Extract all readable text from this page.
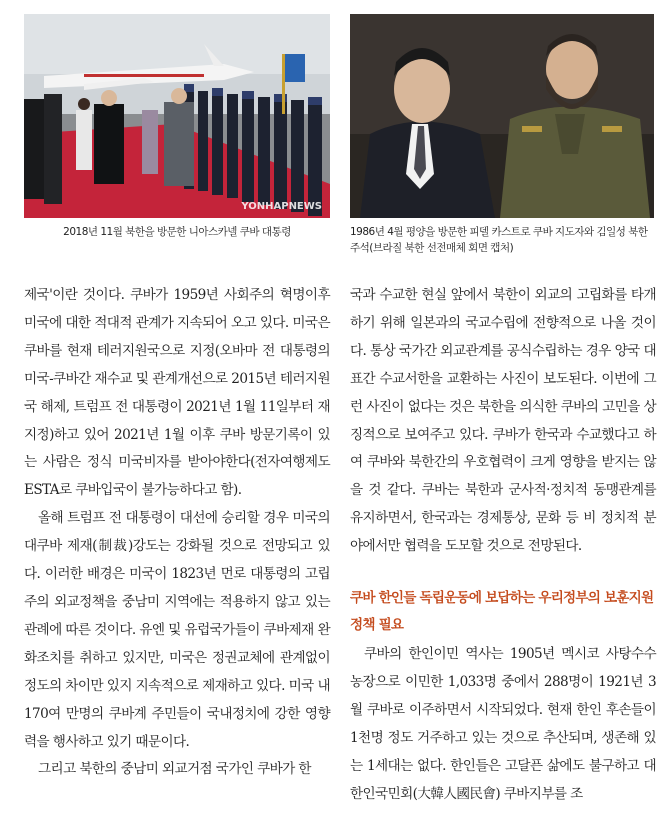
YONHAPNEWS
2018년 11월 북한을 방문한 니아스카넬 쿠바 대통령	1986년 4월 평양을 방문한 피델 카스트로 쿠바 지도자와 김일성 북한 주석(브라질 북한 선전매체 회면 캡처)

제국'이란 것이다. 쿠바가 1959년 사회주의 혁명이후 미국에 대한 적대적 관계가 지속되어 오고 있다. 미국은 쿠바를 현재 테러지원국으로 지정(오바마 전 대통령의 미국-쿠바간 재수교 및 관계개선으로 2015년 테러지원국 해제, 트럼프 전 대통령이 2021년 1월 11일부터 재지정)하고 있어 2021년 1월 이후 쿠바 방문기록이 있는 사람은 정식 미국비자를 받아야한다(전자여행제도 ESTA로 쿠바입국이 불가능하다고 함).

올해 트럼프 전 대통령이 대선에 승리할 경우 미국의 대쿠바 제재(制裁)강도는 강화될 것으로 전망되고 있다. 이러한 배경은 미국이 1823년 먼로 대통령의 고립주의 외교정책을 중남미 지역에는 적용하지 않고 있는 관례에 따른 것이다. 유엔 및 유럽국가들이 쿠바제재 완화조치를 취하고 있지만, 미국은 정권교체에 관계없이 정도의 차이만 있지 지속적으로 제재하고 있다. 미국 내 170여 만명의 쿠바계 주민들이 국내정치에 강한 영향력을 행사하고 있기 때문이다.

그리고 북한의 중남미 외교거점 국가인 쿠바가 한

국과 수교한 현실 앞에서 북한이 외교의 고립화를 타개하기 위해 일본과의 국교수립에 전향적으로 나올 것이다. 통상 국가간 외교관계를 공식수립하는 경우 양국 대표간 수교서한을 교환하는 사진이 보도된다. 이번에 그런 사진이 없다는 것은 북한을 의식한 쿠바의 고민을 상징적으로 보여주고 있다. 쿠바가 한국과 수교했다고 하여 쿠바와 북한간의 우호협력이 크게 영향을 받지는 않을 것 같다. 쿠바는 북한과 군사적·정치적 동맹관계를 유지하면서, 한국과는 경제통상, 문화 등 비 정치적 분야에서만 협력을 도모할 것으로 전망된다.

쿠바 한인들 독립운동에 보답하는 우리정부의 보훈지원정책 필요

쿠바의 한인이민 역사는 1905년 멕시코 사탕수수 농장으로 이민한 1,033명 중에서 288명이 1921년 3월 쿠바로 이주하면서 시작되었다. 현재 한인 후손들이 1천명 정도 거주하고 있는 것으로 추산되며, 생존해 있는 1세대는 없다. 한인들은 고달픈 삶에도 불구하고 대한인국민회(大韓人國民會) 쿠바지부를 조
